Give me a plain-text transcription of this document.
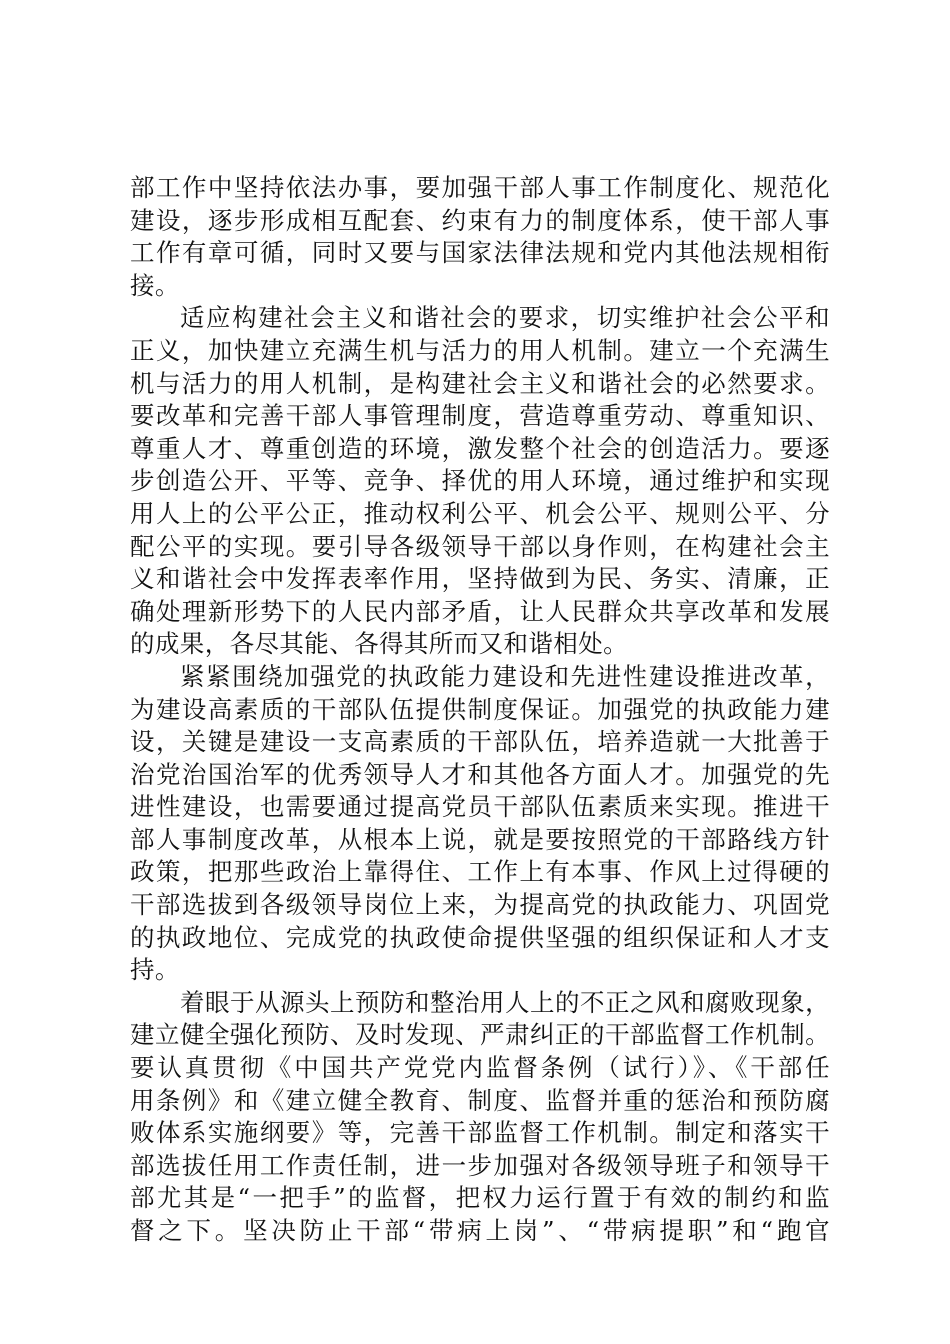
部工作中坚持依法办事，要加强干部人事工作制度化、规范化
建设，逐步形成相互配套、约束有力的制度体系，使干部人事
工作有章可循，同时又要与国家法律法规和党内其他法规相衔
接。
适应构建社会主义和谐社会的要求，切实维护社会公平和
正义，加快建立充满生机与活力的用人机制。建立一个充满生
机与活力的用人机制，是构建社会主义和谐社会的必然要求。
要改革和完善干部人事管理制度，营造尊重劳动、尊重知识、
尊重人才、尊重创造的环境，激发整个社会的创造活力。要逐
步创造公开、平等、竞争、择优的用人环境，通过维护和实现
用人上的公平公正，推动权利公平、机会公平、规则公平、分
配公平的实现。要引导各级领导干部以身作则，在构建社会主
义和谐社会中发挥表率作用，坚持做到为民、务实、清廉，正
确处理新形势下的人民内部矛盾，让人民群众共享改革和发展
的成果，各尽其能、各得其所而又和谐相处。
紧紧围绕加强党的执政能力建设和先进性建设推进改革，
为建设高素质的干部队伍提供制度保证。加强党的执政能力建
设，关键是建设一支高素质的干部队伍，培养造就一大批善于
治党治国治军的优秀领导人才和其他各方面人才。加强党的先
进性建设，也需要通过提高党员干部队伍素质来实现。推进干
部人事制度改革，从根本上说，就是要按照党的干部路线方针
政策，把那些政治上靠得住、工作上有本事、作风上过得硬的
干部选拔到各级领导岗位上来，为提高党的执政能力、巩固党
的执政地位、完成党的执政使命提供坚强的组织保证和人才支
持。
着眼于从源头上预防和整治用人上的不正之风和腐败现象，
建立健全强化预防、及时发现、严肃纠正的干部监督工作机制。
要认真贯彻《中国共产党党内监督条例（试行）》、《干部任
用条例》和《建立健全教育、制度、监督并重的惩治和预防腐
败体系实施纲要》等，完善干部监督工作机制。制定和落实干
部选拔任用工作责任制，进一步加强对各级领导班子和领导干
部尤其是“一把手”的监督，把权力运行置于有效的制约和监
督之下。坚决防止干部“带病上岗”、“带病提职”和“跑官
